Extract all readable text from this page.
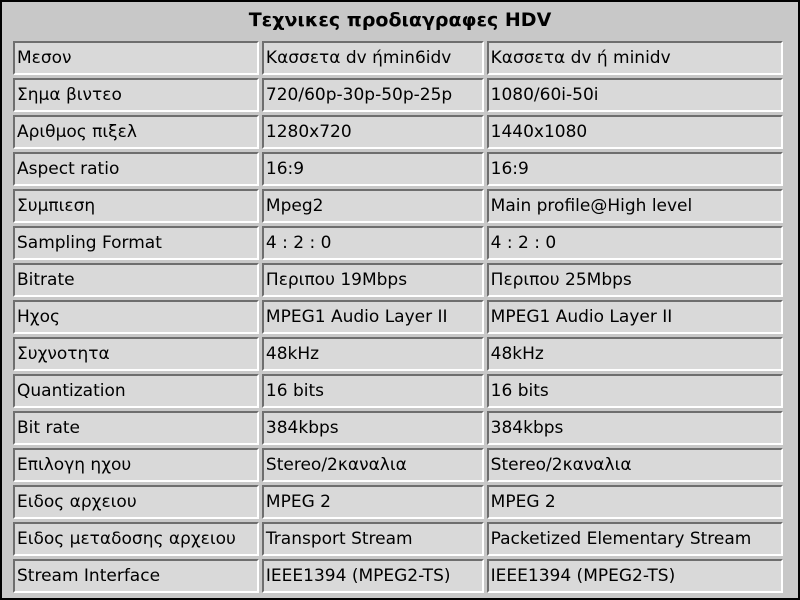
Τεχνικες προδιαγραφες HDV
Μεσον	Κασσετα dv ήmin6idv	Κασσετα dv ή minidv
Σημα βιντεο	720/60p-30p-50p-25p	1080/60i-50i
Αριθμος πιξελ	1280x720	1440x1080
Aspect ratio	16:9	16:9
Συμπιεση	Mpeg2	Main profile@High level
Sampling Format	4 : 2 : 0	4 : 2 : 0
Bitrate	Περιπου 19Mbps	Περιπου 25Mbps
Ηχος	MPEG1 Audio Layer II	MPEG1 Audio Layer II
Συχνοτητα	48kHz	48kHz
Quantization	16 bits	16 bits
Bit rate	384kbps	384kbps
Επιλογη ηχου	Stereo/2καναλια	Stereo/2καναλια
Ειδος αρχειου	MPEG 2	MPEG 2
Ειδος μεταδοσης αρχειου	Transport Stream	Packetized Elementary Stream
Stream Interface	IEEE1394 (MPEG2-TS)	IEEE1394 (MPEG2-TS)
